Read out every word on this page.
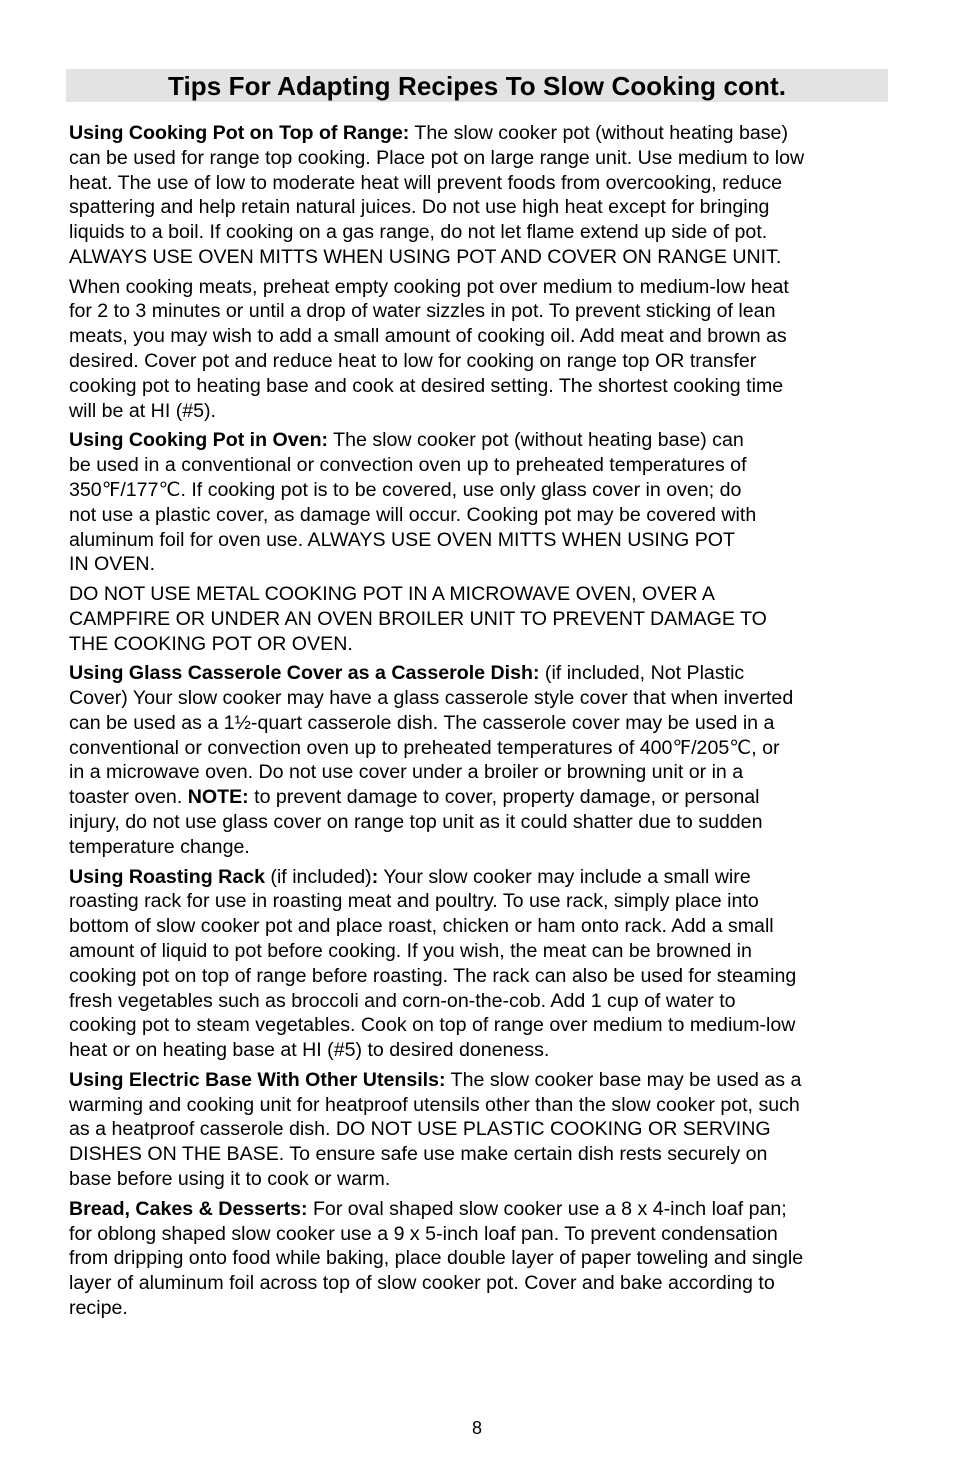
Tips For Adapting Recipes To Slow Cooking cont.

Using Cooking Pot on Top of Range: The slow cooker pot (without heating base)
can be used for range top cooking. Place pot on large range unit. Use medium to low
heat. The use of low to moderate heat will prevent foods from overcooking, reduce
spattering and help retain natural juices. Do not use high heat except for bringing
liquids to a boil. If cooking on a gas range, do not let flame extend up side of pot.
ALWAYS USE OVEN MITTS WHEN USING POT AND COVER ON RANGE UNIT.

When cooking meats, preheat empty cooking pot over medium to medium-low heat
for 2 to 3 minutes or until a drop of water sizzles in pot. To prevent sticking of lean
meats, you may wish to add a small amount of cooking oil. Add meat and brown as
desired. Cover pot and reduce heat to low for cooking on range top OR transfer
cooking pot to heating base and cook at desired setting. The shortest cooking time
will be at HI (#5).

Using Cooking Pot in Oven: The slow cooker pot (without heating base) can
be used in a conventional or convection oven up to preheated temperatures of
350℉/177℃. If cooking pot is to be covered, use only glass cover in oven; do
not use a plastic cover, as damage will occur. Cooking pot may be covered with
aluminum foil for oven use. ALWAYS USE OVEN MITTS WHEN USING POT
IN OVEN.

DO NOT USE METAL COOKING POT IN A MICROWAVE OVEN, OVER A
CAMPFIRE OR UNDER AN OVEN BROILER UNIT TO PREVENT DAMAGE TO
THE COOKING POT OR OVEN.

Using Glass Casserole Cover as a Casserole Dish: (if included, Not Plastic
Cover) Your slow cooker may have a glass casserole style cover that when inverted
can be used as a 1½-quart casserole dish. The casserole cover may be used in a
conventional or convection oven up to preheated temperatures of 400℉/205℃, or
in a microwave oven. Do not use cover under a broiler or browning unit or in a
toaster oven. NOTE: to prevent damage to cover, property damage, or personal
injury, do not use glass cover on range top unit as it could shatter due to sudden
temperature change.

Using Roasting Rack (if included): Your slow cooker may include a small wire
roasting rack for use in roasting meat and poultry. To use rack, simply place into
bottom of slow cooker pot and place roast, chicken or ham onto rack. Add a small
amount of liquid to pot before cooking. If you wish, the meat can be browned in
cooking pot on top of range before roasting. The rack can also be used for steaming
fresh vegetables such as broccoli and corn-on-the-cob. Add 1 cup of water to
cooking pot to steam vegetables. Cook on top of range over medium to medium-low
heat or on heating base at HI (#5) to desired doneness.

Using Electric Base With Other Utensils: The slow cooker base may be used as a
warming and cooking unit for heatproof utensils other than the slow cooker pot, such
as a heatproof casserole dish. DO NOT USE PLASTIC COOKING OR SERVING
DISHES ON THE BASE. To ensure safe use make certain dish rests securely on
base before using it to cook or warm.

Bread, Cakes & Desserts: For oval shaped slow cooker use a 8 x 4-inch loaf pan;
for oblong shaped slow cooker use a 9 x 5-inch loaf pan. To prevent condensation
from dripping onto food while baking, place double layer of paper toweling and single
layer of aluminum foil across top of slow cooker pot. Cover and bake according to
recipe.

8
